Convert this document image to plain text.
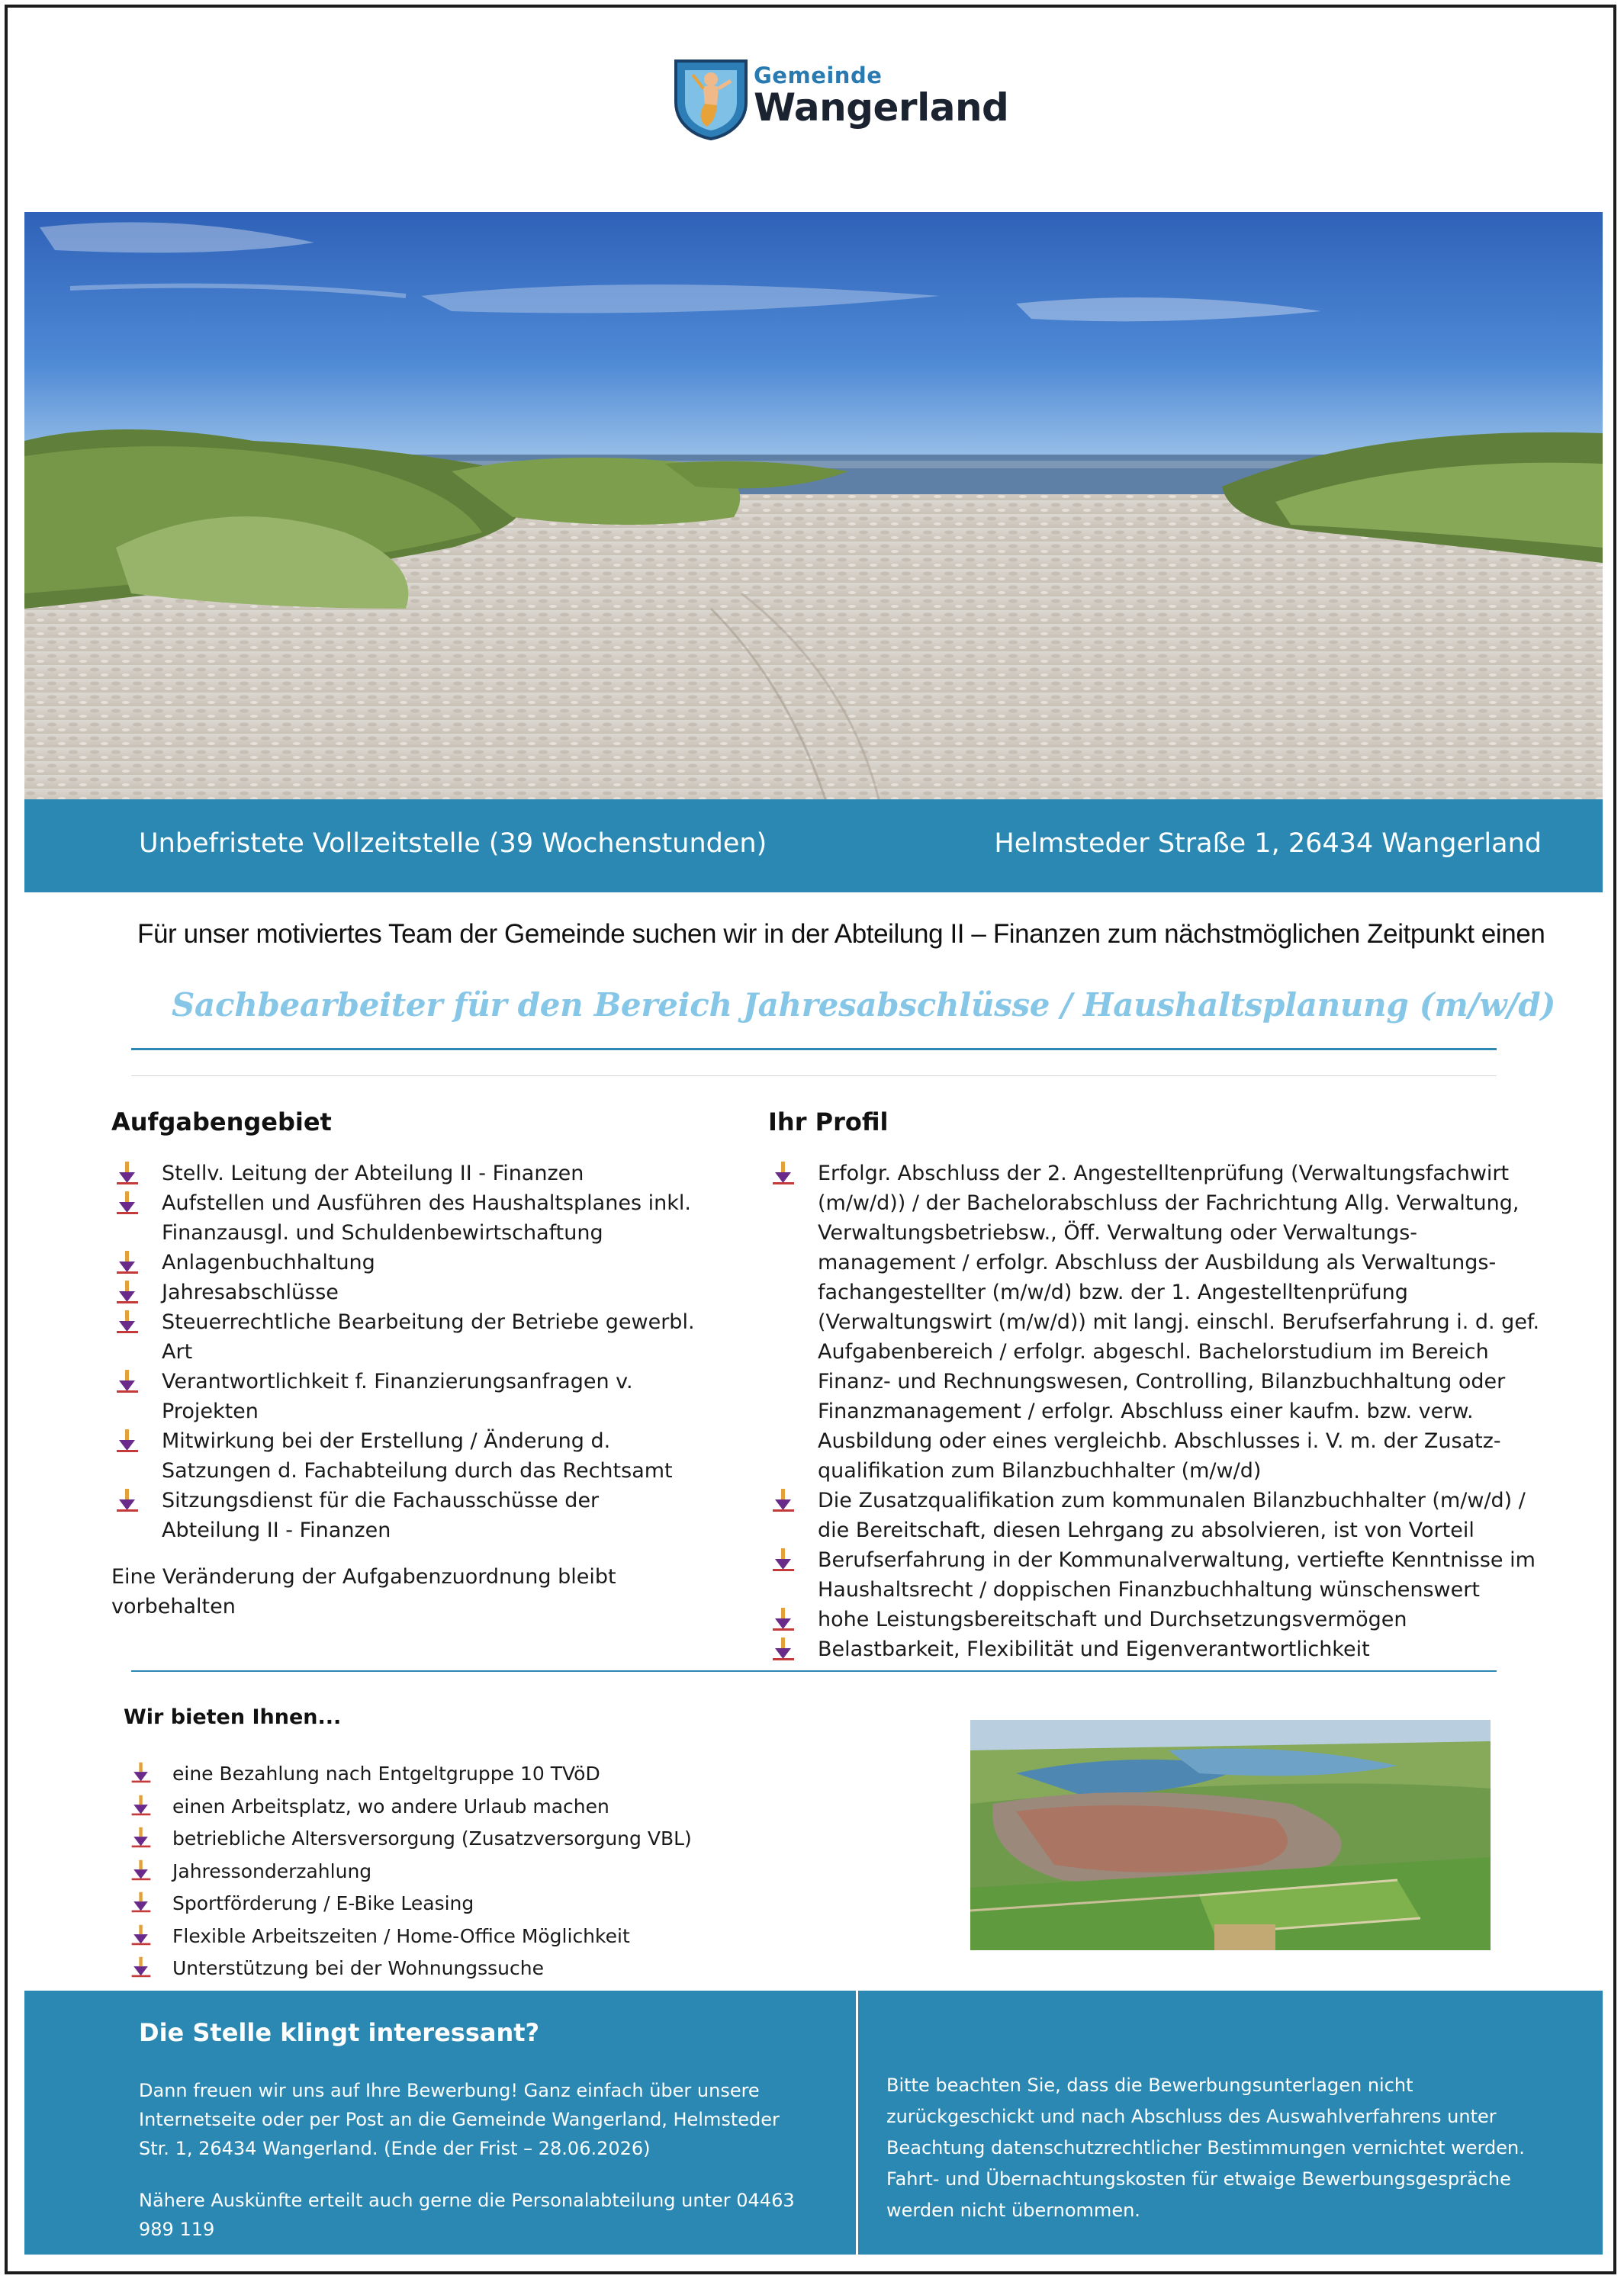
Gemeinde
Wangerland
Unbefristete Vollzeitstelle (39 Wochenstunden)	Helmsteder Straße 1, 26434 Wangerland
Für unser motiviertes Team der Gemeinde suchen wir in der Abteilung II – Finanzen zum nächstmöglichen Zeitpunkt einen
Sachbearbeiter für den Bereich Jahresabschlüsse / Haushaltsplanung (m/w/d)
Aufgabengebiet
Stellv. Leitung der Abteilung II - Finanzen
Aufstellen und Ausführen des Haushaltsplanes inkl.
Finanzausgl. und Schuldenbewirtschaftung
Anlagenbuchhaltung
Jahresabschlüsse
Steuerrechtliche Bearbeitung der Betriebe gewerbl.
Art
Verantwortlichkeit f. Finanzierungsanfragen v.
Projekten
Mitwirkung bei der Erstellung / Änderung d.
Satzungen d. Fachabteilung durch das Rechtsamt
Sitzungsdienst für die Fachausschüsse der
Abteilung II - Finanzen
Eine Veränderung der Aufgabenzuordnung bleibt
vorbehalten
Ihr Profil
Erfolgr. Abschluss der 2. Angestelltenprüfung (Verwaltungsfachwirt
(m/w/d)) / der Bachelorabschluss der Fachrichtung Allg. Verwaltung,
Verwaltungsbetriebsw., Öff. Verwaltung oder Verwaltungs-
management / erfolgr. Abschluss der Ausbildung als Verwaltungs-
fachangestellter (m/w/d) bzw. der 1. Angestelltenprüfung
(Verwaltungswirt (m/w/d)) mit langj. einschl. Berufserfahrung i. d. gef.
Aufgabenbereich / erfolgr. abgeschl. Bachelorstudium im Bereich
Finanz- und Rechnungswesen, Controlling, Bilanzbuchhaltung oder
Finanzmanagement / erfolgr. Abschluss einer kaufm. bzw. verw.
Ausbildung oder eines vergleichb. Abschlusses i. V. m. der Zusatz-
qualifikation zum Bilanzbuchhalter (m/w/d)
Die Zusatzqualifikation zum kommunalen Bilanzbuchhalter (m/w/d) /
die Bereitschaft, diesen Lehrgang zu absolvieren, ist von Vorteil
Berufserfahrung in der Kommunalverwaltung, vertiefte Kenntnisse im
Haushaltsrecht / doppischen Finanzbuchhaltung wünschenswert
hohe Leistungsbereitschaft und Durchsetzungsvermögen
Belastbarkeit, Flexibilität und Eigenverantwortlichkeit
Wir bieten Ihnen...
eine Bezahlung nach Entgeltgruppe 10 TVöD
einen Arbeitsplatz, wo andere Urlaub machen
betriebliche Altersversorgung (Zusatzversorgung VBL)
Jahressonderzahlung
Sportförderung / E-Bike Leasing
Flexible Arbeitszeiten / Home-Office Möglichkeit
Unterstützung bei der Wohnungssuche
Die Stelle klingt interessant?
Dann freuen wir uns auf Ihre Bewerbung! Ganz einfach über unsere
Internetseite oder per Post an die Gemeinde Wangerland, Helmsteder
Str. 1, 26434 Wangerland. (Ende der Frist – 28.06.2026)
Nähere Auskünfte erteilt auch gerne die Personalabteilung unter 04463
989 119
Bitte beachten Sie, dass die Bewerbungsunterlagen nicht
zurückgeschickt und nach Abschluss des Auswahlverfahrens unter
Beachtung datenschutzrechtlicher Bestimmungen vernichtet werden.
Fahrt- und Übernachtungskosten für etwaige Bewerbungsgespräche
werden nicht übernommen.
